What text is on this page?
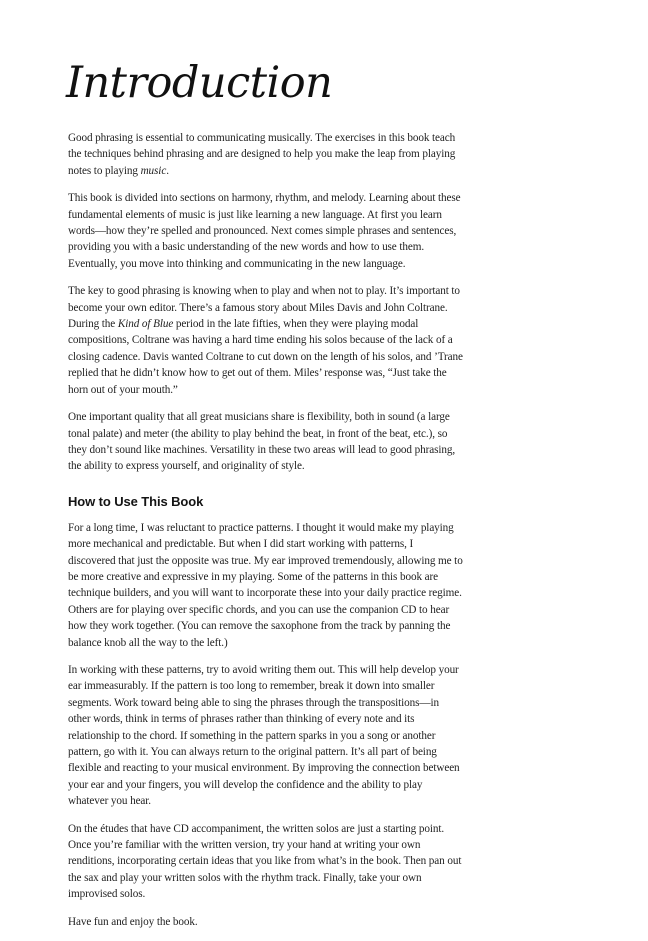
Introduction

Good phrasing is essential to communicating musically. The exercises in this book teach the techniques behind phrasing and are designed to help you make the leap from playing notes to playing music.

This book is divided into sections on harmony, rhythm, and melody. Learning about these fundamental elements of music is just like learning a new language. At first you learn words—how they’re spelled and pronounced. Next comes simple phrases and sentences, providing you with a basic understanding of the new words and how to use them. Eventually, you move into thinking and communicating in the new language.

The key to good phrasing is knowing when to play and when not to play. It’s important to become your own editor. There’s a famous story about Miles Davis and John Coltrane. During the Kind of Blue period in the late fifties, when they were playing modal compositions, Coltrane was having a hard time ending his solos because of the lack of a closing cadence. Davis wanted Coltrane to cut down on the length of his solos, and ’Trane replied that he didn’t know how to get out of them. Miles’ response was, “Just take the horn out of your mouth.”

One important quality that all great musicians share is flexibility, both in sound (a large tonal palate) and meter (the ability to play behind the beat, in front of the beat, etc.), so they don’t sound like machines. Versatility in these two areas will lead to good phrasing, the ability to express yourself, and originality of style.

How to Use This Book

For a long time, I was reluctant to practice patterns. I thought it would make my playing more mechanical and predictable. But when I did start working with patterns, I discovered that just the opposite was true. My ear improved tremendously, allowing me to be more creative and expressive in my playing. Some of the patterns in this book are technique builders, and you will want to incorporate these into your daily practice regime. Others are for playing over specific chords, and you can use the companion CD to hear how they work together. (You can remove the saxophone from the track by panning the balance knob all the way to the left.)

In working with these patterns, try to avoid writing them out. This will help develop your ear immeasurably. If the pattern is too long to remember, break it down into smaller segments. Work toward being able to sing the phrases through the transpositions—in other words, think in terms of phrases rather than thinking of every note and its relationship to the chord. If something in the pattern sparks in you a song or another pattern, go with it. You can always return to the original pattern. It’s all part of being flexible and reacting to your musical environment. By improving the connection between your ear and your fingers, you will develop the confidence and the ability to play whatever you hear.

On the études that have CD accompaniment, the written solos are just a starting point. Once you’re familiar with the written version, try your hand at writing your own renditions, incorporating certain ideas that you like from what’s in the book. Then pan out the sax and play your written solos with the rhythm track. Finally, take your own improvised solos.

Have fun and enjoy the book.
